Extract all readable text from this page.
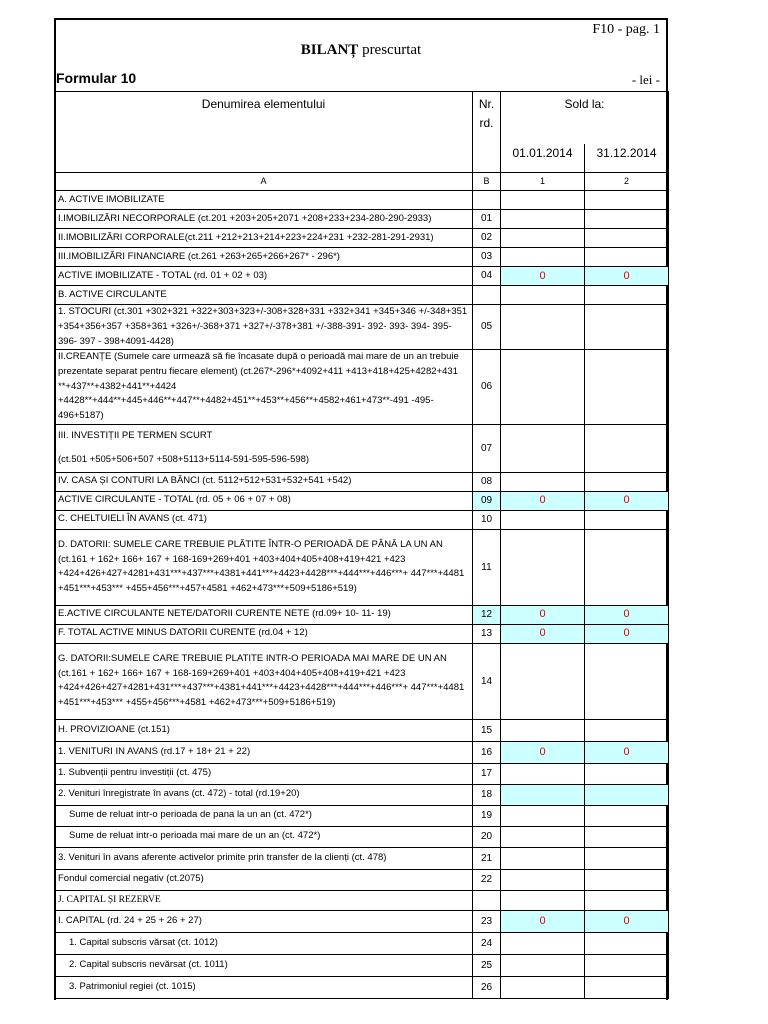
F10 - pag. 1
BILANȚ prescurtat
Formular 10	- lei -
Denumirea elementului	Nr.
rd.	Sold la:	
		01.01.2014	31.12.2014
A	B	1	2
A. ACTIVE IMOBILIZATE			
I.IMOBILIZĂRI NECORPORALE (ct.201 +203+205+2071 +208+233+234-280-290-2933)	01		
II.IMOBILIZĂRI CORPORALE(ct.211 +212+213+214+223+224+231 +232-281-291-2931)	02		
III.IMOBILIZĂRI FINANCIARE (ct.261 +263+265+266+267* - 296*)	03		
ACTIVE IMOBILIZATE - TOTAL (rd. 01 + 02 + 03)	04	0	0
B. ACTIVE CIRCULANTE			
1. STOCURI (ct.301 +302+321 +322+303+323+/-308+328+331 +332+341 +345+346 +/-348+351 +354+356+357 +358+361 +326+/-368+371 +327+/-378+381 +/-388-391- 392- 393- 394- 395- 396- 397 - 398+4091-4428)	05		
II.CREANȚE (Sumele care urmează să fie încasate după o perioadă mai mare de un an trebuie prezentate separat pentru fiecare element) (ct.267*-296*+4092+411 +413+418+425+4282+431 **+437**+4382+441**+4424 +4428**+444**+445+446**+447**+4482+451**+453**+456**+4582+461+473**-491 -495-496+5187)	06		
III. INVESTIȚII PE TERMEN SCURT
(ct.501 +505+506+507 +508+5113+5114-591-595-596-598)	07		
IV. CASA ȘI CONTURI LA BĂNCI (ct. 5112+512+531+532+541 +542)	08		
ACTIVE CIRCULANTE - TOTAL (rd. 05 + 06 + 07 + 08)	09	0	0
C. CHELTUIELI ÎN AVANS (ct. 471)	10		
D. DATORII: SUMELE CARE TREBUIE PLĂTITE ÎNTR-O PERIOADĂ DE PÂNĂ LA UN AN (ct.161 + 162+ 166+ 167 + 168-169+269+401 +403+404+405+408+419+421 +423 +424+426+427+4281+431***+437***+4381+441***+4423+4428***+444***+446***+ 447***+4481 +451***+453*** +455+456***+457+4581 +462+473***+509+5186+519)	11		
E.ACTIVE CIRCULANTE NETE/DATORII CURENTE NETE (rd.09+ 10- 11- 19)	12	0	0
F. TOTAL ACTIVE MINUS DATORII CURENTE (rd.04 + 12)	13	0	0
G. DATORII:SUMELE CARE TREBUIE PLATITE INTR-O PERIOADA MAI MARE DE UN AN (ct.161 + 162+ 166+ 167 + 168-169+269+401 +403+404+405+408+419+421 +423 +424+426+427+4281+431***+437***+4381+441***+4423+4428***+444***+446***+ 447***+4481 +451***+453*** +455+456***+4581 +462+473***+509+5186+519)	14		
H. PROVIZIOANE (ct.151)	15		
1. VENITURI IN AVANS (rd.17 + 18+ 21 + 22)	16	0	0
1. Subvenții pentru investiții (ct. 475)	17		
2. Venituri înregistrate în avans (ct. 472) - total (rd.19+20)	18		
Sume de reluat intr-o perioada de pana la un an (ct. 472*)	19		
Sume de reluat intr-o perioada mai mare de un an (ct. 472*)	20		
3. Venituri în avans aferente activelor primite prin transfer de la clienți (ct. 478)	21		
Fondul comercial negativ (ct.2075)	22		
J. CAPITAL ȘI REZERVE			
I. CAPITAL (rd. 24 + 25 + 26 + 27)	23	0	0
1. Capital subscris vărsat (ct. 1012)	24		
2. Capital subscris nevărsat (ct. 1011)	25		
3. Patrimoniul regiei (ct. 1015)	26		
